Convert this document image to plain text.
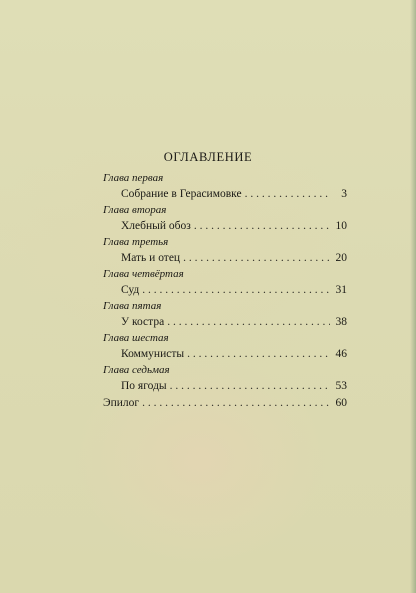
ОГЛАВЛЕНИЕ
Глава первая
Собрание в Герасимовке . . .	3
Глава вторая
Хлебный обоз . . .	10
Глава третья
Мать и отец . . .	20
Глава четвёртая
Суд . . .	31
Глава пятая
У костра . . .	38
Глава шестая
Коммунисты . . .	46
Глава седьмая
По ягоды . . .	53
Эпилог . . .	60
